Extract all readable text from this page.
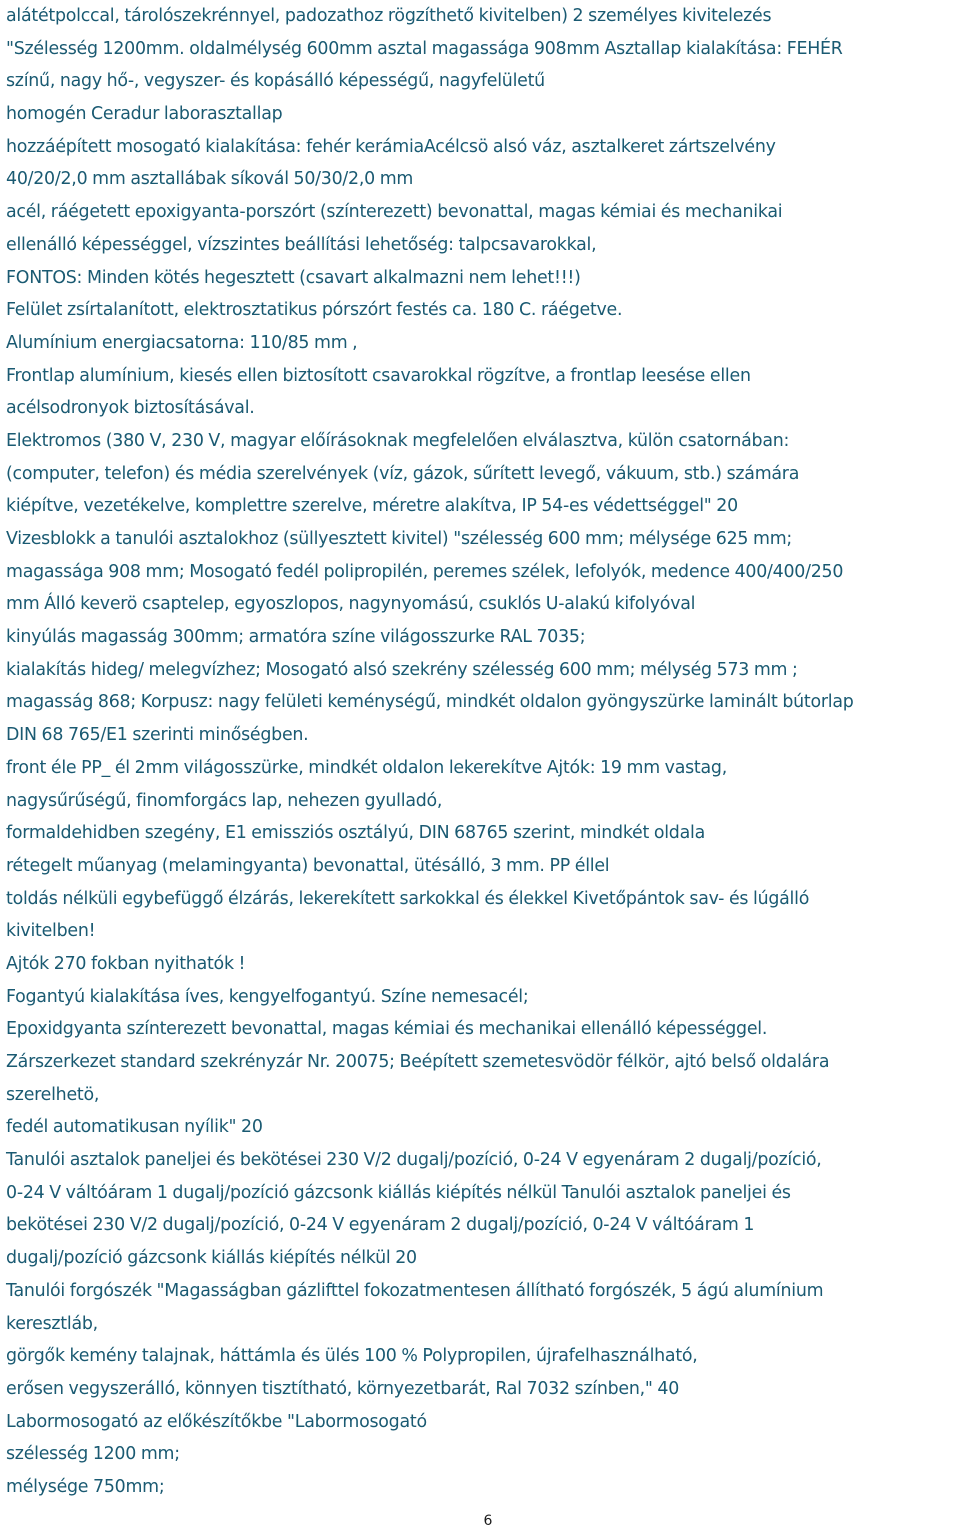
alátétpolccal, tárolószekrénnyel, padozathoz rögzíthető kivitelben) 2 személyes kivitelezés
"Szélesség 1200mm. oldalmélység 600mm asztal magassága 908mm Asztallap kialakítása: FEHÉR
színű, nagy hő-, vegyszer- és kopásálló képességű, nagyfelületű
homogén Ceradur laborasztallap
hozzáépített mosogató kialakítása: fehér kerámiaAcélcsö alsó váz, asztalkeret zártszelvény
40/20/2,0 mm asztallábak síkovál 50/30/2,0 mm
acél, ráégetett epoxigyanta-porszórt (színterezett) bevonattal, magas kémiai és mechanikai
ellenálló képességgel, vízszintes beállítási lehetőség: talpcsavarokkal,
FONTOS: Minden kötés hegesztett (csavart alkalmazni nem lehet!!!)
Felület zsírtalanított, elektrosztatikus pórszórt festés ca. 180 C. ráégetve.
Alumínium energiacsatorna: 110/85 mm ,
Frontlap alumínium, kiesés ellen biztosított csavarokkal rögzítve, a frontlap leesése ellen
acélsodronyok biztosításával.
Elektromos (380 V, 230 V, magyar előírásoknak megfelelően elválasztva, külön csatornában:
(computer, telefon) és média szerelvények (víz, gázok, sűrített levegő, vákuum, stb.) számára
kiépítve, vezetékelve, komplettre szerelve, méretre alakítva, IP 54-es védettséggel" 20
Vizesblokk a tanulói asztalokhoz (süllyesztett kivitel) "szélesség 600 mm; mélysége 625 mm;
magassága 908 mm; Mosogató fedél polipropilén, peremes szélek, lefolyók, medence 400/400/250
mm Álló keverö csaptelep, egyoszlopos, nagynyomású, csuklós U-alakú kifolyóval
kinyúlás magasság 300mm; armatóra színe világosszurke RAL 7035;
kialakítás hideg/ melegvízhez; Mosogató alsó szekrény szélesség 600 mm; mélység 573 mm ;
magasság 868; Korpusz: nagy felületi keménységű, mindkét oldalon gyöngyszürke laminált bútorlap
DIN 68 765/E1 szerinti minőségben.
front éle PP_ él 2mm világosszürke, mindkét oldalon lekerekítve Ajtók: 19 mm vastag,
nagysűrűségű, finomforgács lap, nehezen gyulladó,
formaldehidben szegény, E1 emissziós osztályú, DIN 68765 szerint, mindkét oldala
rétegelt műanyag (melamingyanta) bevonattal, ütésálló, 3 mm. PP éllel
toldás nélküli egybefüggő élzárás, lekerekített sarkokkal és élekkel Kivetőpántok sav- és lúgálló
kivitelben!
Ajtók 270 fokban nyithatók !
Fogantyú kialakítása íves, kengyelfogantyú. Színe nemesacél;
Epoxidgyanta színterezett bevonattal, magas kémiai és mechanikai ellenálló képességgel.
Zárszerkezet standard szekrényzár Nr. 20075; Beépített szemetesvödör félkör, ajtó belső oldalára
szerelhetö,
fedél automatikusan nyílik" 20
Tanulói asztalok paneljei és bekötései 230 V/2 dugalj/pozíció, 0-24 V egyenáram 2 dugalj/pozíció,
0-24 V váltóáram 1 dugalj/pozíció gázcsonk kiállás kiépítés nélkül Tanulói asztalok paneljei és
bekötései 230 V/2 dugalj/pozíció, 0-24 V egyenáram 2 dugalj/pozíció, 0-24 V váltóáram 1
dugalj/pozíció gázcsonk kiállás kiépítés nélkül 20
Tanulói forgószék "Magasságban gázlifttel fokozatmentesen állítható forgószék, 5 ágú alumínium
keresztláb,
görgők kemény talajnak, háttámla és ülés 100 % Polypropilen, újrafelhasználható,
erősen vegyszerálló, könnyen tisztítható, környezetbarát, Ral 7032 színben," 40
Labormosogató az előkészítőkbe "Labormosogató
szélesség 1200 mm;
mélysége 750mm;
6
